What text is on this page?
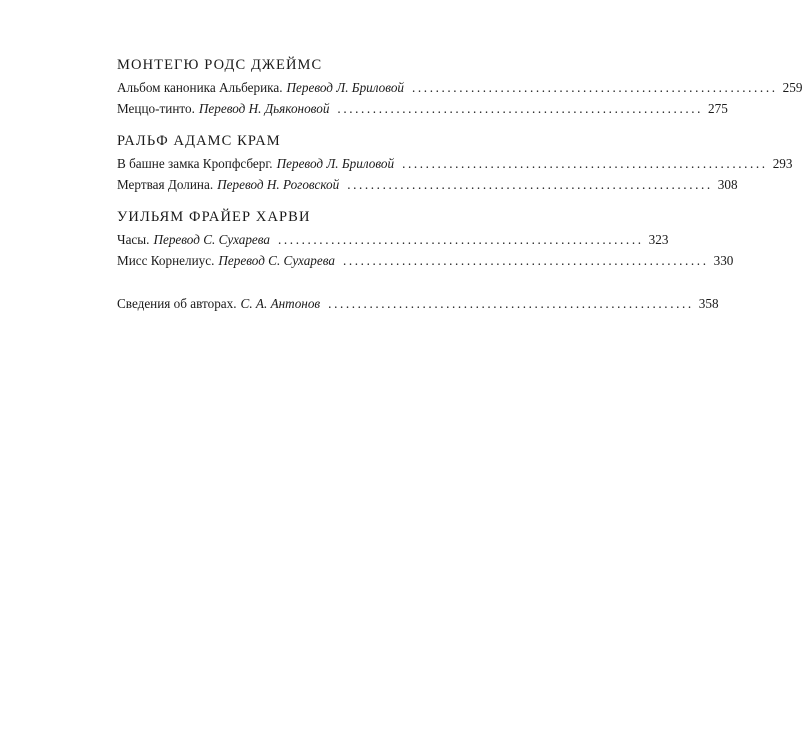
МОНТЕГЮ РОДС ДЖЕЙМС
Альбом каноника Альберика. Перевод Л. Бриловой .............................................................. 259
Меццо-тинто. Перевод Н. Дьяконовой .............................................................. 275
РАЛЬФ АДАМС КРАМ
В башне замка Кропфсберг. Перевод Л. Бриловой .............................................................. 293
Мертвая Долина. Перевод Н. Роговской .............................................................. 308
УИЛЬЯМ ФРАЙЕР ХАРВИ
Часы. Перевод С. Сухарева .............................................................. 323
Мисс Корнелиус. Перевод С. Сухарева .............................................................. 330
Сведения об авторах. С. А. Антонов .............................................................. 358
